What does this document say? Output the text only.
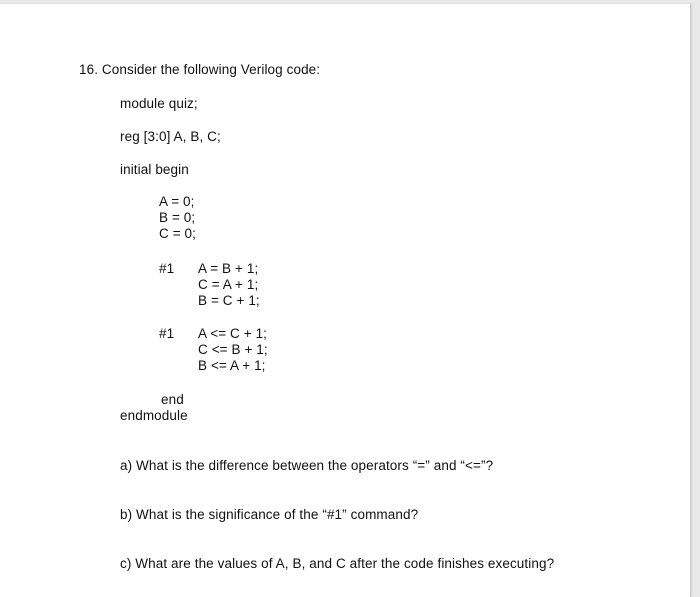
16. Consider the following Verilog code:
module quiz;
reg [3:0] A, B, C;
initial begin
A = 0;
B = 0;
C = 0;
#1 A = B + 1;
C = A + 1;
B = C + 1;
#1 A <= C + 1;
C <= B + 1;
B <= A + 1;
end
endmodule
a) What is the difference between the operators “=” and “<=”?
b) What is the significance of the “#1” command?
c) What are the values of A, B, and C after the code finishes executing?
